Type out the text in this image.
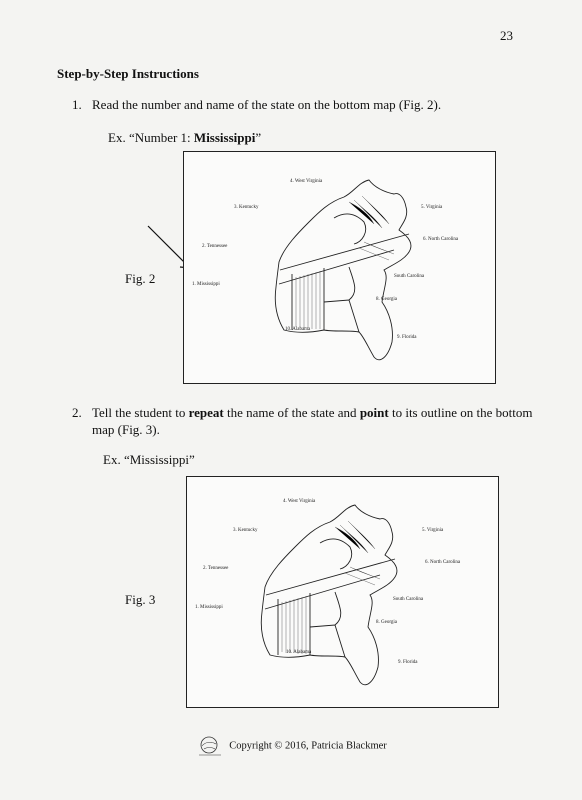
23
Step-by-Step Instructions
1. Read the number and name of the state on the bottom map (Fig. 2).
Ex. “Number 1: Mississippi”
Fig. 2
4. West Virginia
3. Kentucky	5. Virginia
2. Tennessee
6. North Carolina
1. Mississippi
South Carolina
8. Georgia
10. Alabama
9. Florida
2. Tell the student to repeat the name of the state and point to its outline on the bottom
map (Fig. 3).
Ex. “Mississippi”
Fig. 3
4. West Virginia
3. Kentucky	5. Virginia
2. Tennessee
6. North Carolina
1. Mississippi
South Carolina
8. Georgia
10. Alabama
9. Florida
Copyright © 2016, Patricia Blackmer
